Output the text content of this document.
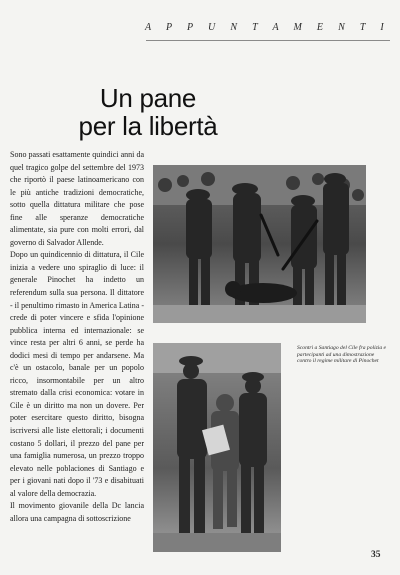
A P P U N T A M E N T I
Un pane
per la libertà

Sono passati esattamente quindici anni da quel tragico golpe del settembre del 1973 che riportò il paese latinoamericano con le più antiche tradizioni democratiche, sotto quella dittatura militare che pose fine alle speranze democratiche alimentate, sia pure con molti errori, dal governo di Salvador Allende.

Dopo un quindicennio di dittatura, il Cile inizia a vedere uno spiraglio di luce: il generale Pinochet ha indetto un referendum sulla sua persona. Il dittatore - il penultimo rimasto in America Latina - crede di poter vincere e sfida l'opinione pubblica interna ed internazionale: se vince resta per altri 6 anni, se perde ha dodici mesi di tempo per andarsene. Ma c'è un ostacolo, banale per un popolo ricco, insormontabile per un altro stremato dalla crisi economica: votare in Cile è un diritto ma non un dovere. Per poter esercitare questo diritto, bisogna iscriversi alle liste elettorali; i documenti costano 5 dollari, il prezzo del pane per una famiglia numerosa, un prezzo troppo elevato nelle poblaciones di Santiago e per i giovani nati dopo il '73 e disabituati al valore della democrazia.

Il movimento giovanile della Dc lancia allora una campagna di sottoscrizione

Scontri a Santiago del Cile fra polizia e partecipanti ad una dimostrazione contro il regime militare di Pinochet
35
